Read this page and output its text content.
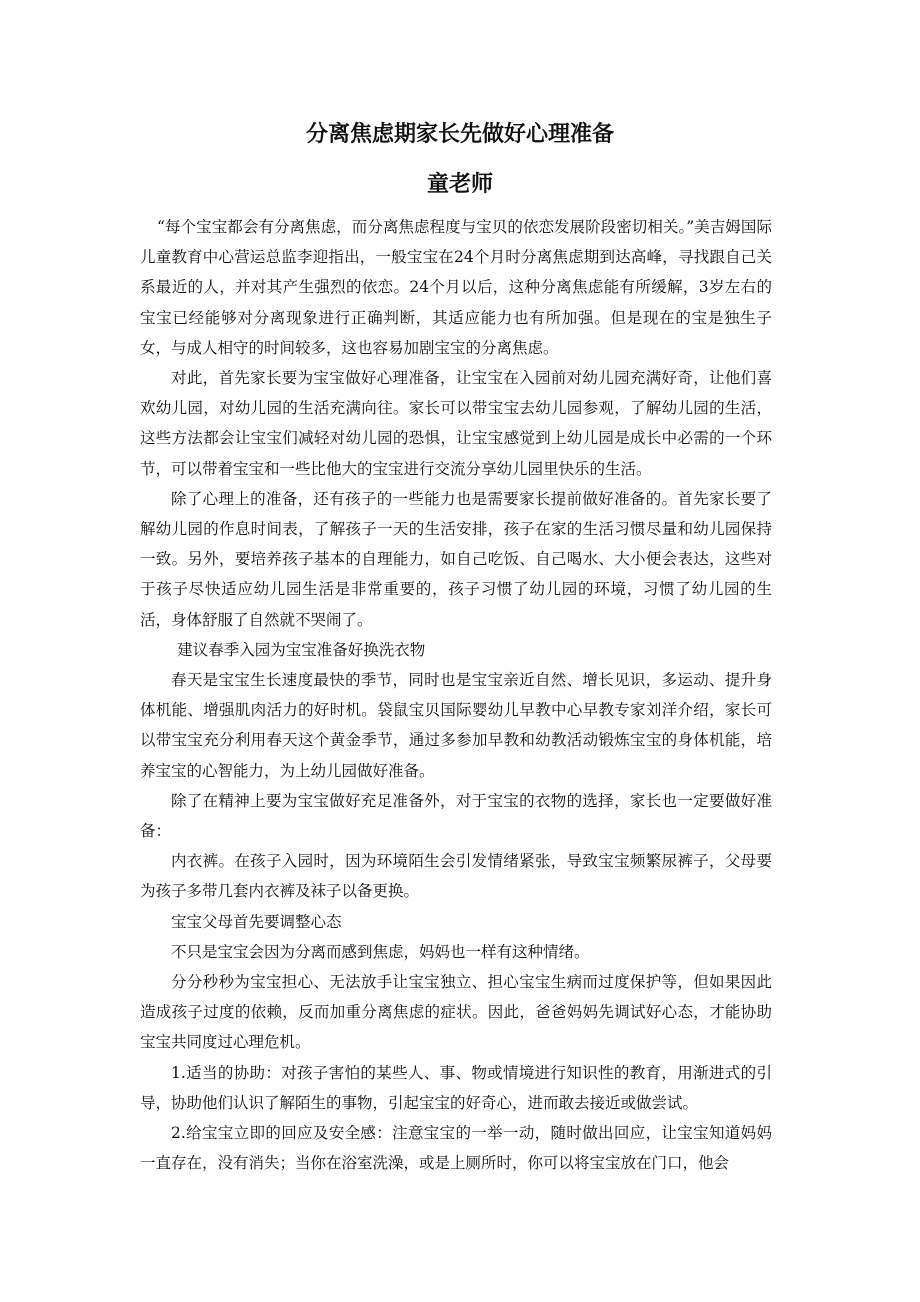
分离焦虑期家长先做好心理准备
童老师

“每个宝宝都会有分离焦虑，而分离焦虑程度与宝贝的依恋发展阶段密切相关。”美吉姆国际儿童教育中心营运总监李迎指出，一般宝宝在24个月时分离焦虑期到达高峰，寻找跟自己关系最近的人，并对其产生强烈的依恋。24个月以后，这种分离焦虑能有所缓解，3岁左右的宝宝已经能够对分离现象进行正确判断，其适应能力也有所加强。但是现在的宝是独生子女，与成人相守的时间较多，这也容易加剧宝宝的分离焦虑。

对此，首先家长要为宝宝做好心理准备，让宝宝在入园前对幼儿园充满好奇，让他们喜欢幼儿园，对幼儿园的生活充满向往。家长可以带宝宝去幼儿园参观，了解幼儿园的生活，这些方法都会让宝宝们减轻对幼儿园的恐惧，让宝宝感觉到上幼儿园是成长中必需的一个环节，可以带着宝宝和一些比他大的宝宝进行交流分享幼儿园里快乐的生活。

除了心理上的准备，还有孩子的一些能力也是需要家长提前做好准备的。首先家长要了解幼儿园的作息时间表，了解孩子一天的生活安排，孩子在家的生活习惯尽量和幼儿园保持一致。另外，要培养孩子基本的自理能力，如自己吃饭、自己喝水、大小便会表达，这些对于孩子尽快适应幼儿园生活是非常重要的，孩子习惯了幼儿园的环境，习惯了幼儿园的生活，身体舒服了自然就不哭闹了。

建议春季入园为宝宝准备好换洗衣物

春天是宝宝生长速度最快的季节，同时也是宝宝亲近自然、增长见识，多运动、提升身体机能、增强肌肉活力的好时机。袋鼠宝贝国际婴幼儿早教中心早教专家刘洋介绍，家长可以带宝宝充分利用春天这个黄金季节，通过多参加早教和幼教活动锻炼宝宝的身体机能，培养宝宝的心智能力，为上幼儿园做好准备。

除了在精神上要为宝宝做好充足准备外，对于宝宝的衣物的选择，家长也一定要做好准备：

内衣裤。在孩子入园时，因为环境陌生会引发情绪紧张，导致宝宝频繁尿裤子，父母要为孩子多带几套内衣裤及袜子以备更换。

宝宝父母首先要调整心态

不只是宝宝会因为分离而感到焦虑，妈妈也一样有这种情绪。

分分秒秒为宝宝担心、无法放手让宝宝独立、担心宝宝生病而过度保护等，但如果因此造成孩子过度的依赖，反而加重分离焦虑的症状。因此，爸爸妈妈先调试好心态，才能协助宝宝共同度过心理危机。

1.适当的协助：对孩子害怕的某些人、事、物或情境进行知识性的教育，用渐进式的引导，协助他们认识了解陌生的事物，引起宝宝的好奇心，进而敢去接近或做尝试。

2.给宝宝立即的回应及安全感：注意宝宝的一举一动，随时做出回应，让宝宝知道妈妈一直存在，没有消失；当你在浴室洗澡，或是上厕所时，你可以将宝宝放在门口，他会
